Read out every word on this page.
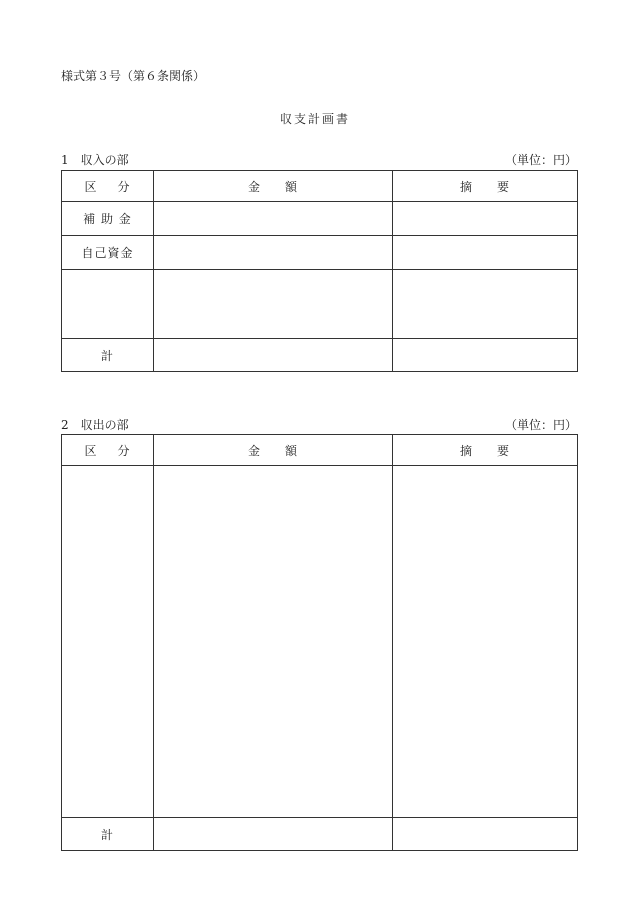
様式第３号（第６条関係）
収支計画書
1　収入の部	（単位：円）
区 分	金 額	摘 要

補 助 金		
自己資金		

計		
2　収出の部	（単位：円）
区 分	金 額	摘 要

計		
